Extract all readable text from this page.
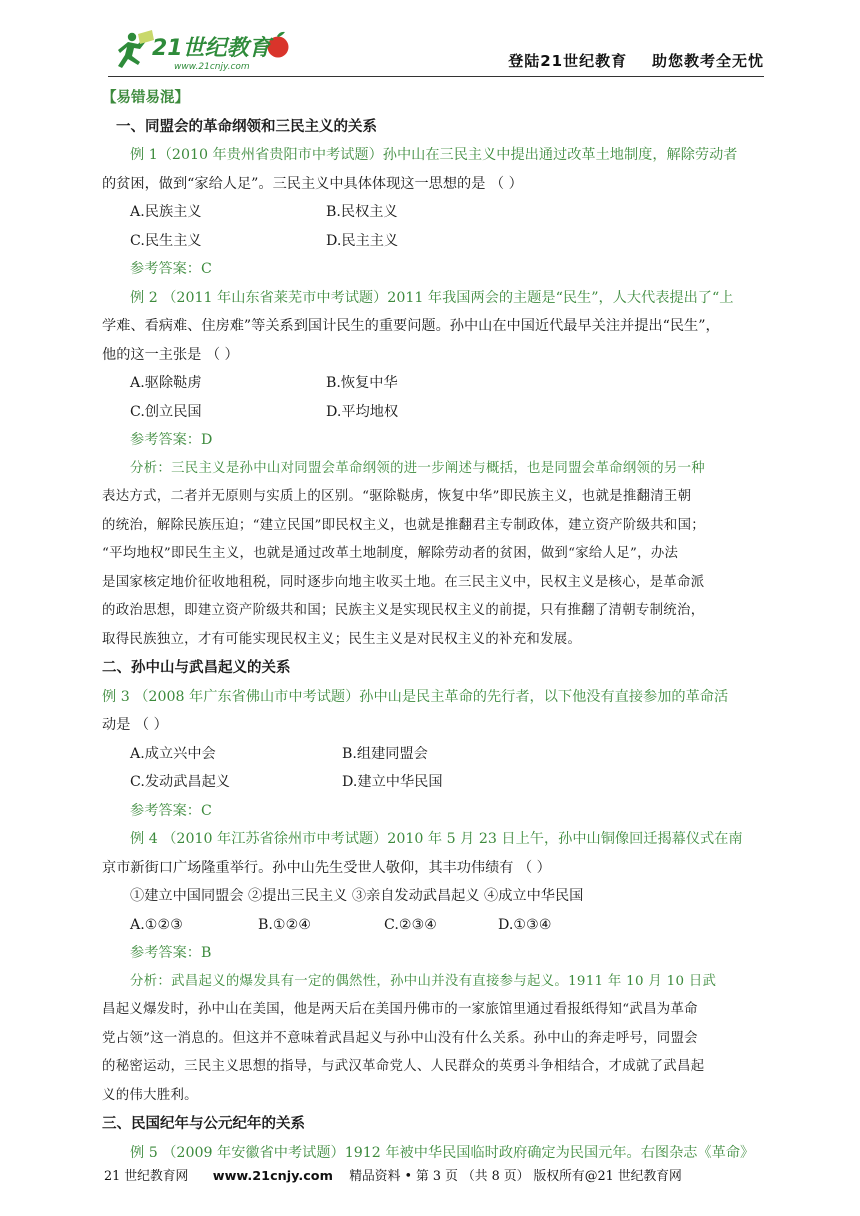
21世纪教育
www.21cnjy.com	登陆21世纪教育    助您教考全无忧

【易错易混】

一、同盟会的革命纲领和三民主义的关系

例 1（2010 年贵州省贵阳市中考试题）孙中山在三民主义中提出通过改革土地制度，解除劳动者

的贫困，做到“家给人足”。三民主义中具体体现这一思想的是 （ ）

A.民族主义	B.民权主义
C.民生主义	D.民主主义

参考答案：C

例 2 （2011 年山东省莱芜市中考试题）2011 年我国两会的主题是“民生”，人大代表提出了“上

学难、看病难、住房难”等关系到国计民生的重要问题。孙中山在中国近代最早关注并提出“民生”，

他的这一主张是 （ ）

A.驱除鞑虏	B.恢复中华
C.创立民国	D.平均地权

参考答案：D

分析：三民主义是孙中山对同盟会革命纲领的进一步阐述与概括，也是同盟会革命纲领的另一种

表达方式，二者并无原则与实质上的区别。“驱除鞑虏，恢复中华”即民族主义，也就是推翻清王朝

的统治，解除民族压迫；“建立民国”即民权主义，也就是推翻君主专制政体，建立资产阶级共和国；

“平均地权”即民生主义，也就是通过改革土地制度，解除劳动者的贫困，做到“家给人足”，办法

是国家核定地价征收地租税，同时逐步向地主收买土地。在三民主义中，民权主义是核心，是革命派

的政治思想，即建立资产阶级共和国；民族主义是实现民权主义的前提，只有推翻了清朝专制统治，

取得民族独立，才有可能实现民权主义；民生主义是对民权主义的补充和发展。

二、孙中山与武昌起义的关系

例 3 （2008 年广东省佛山市中考试题）孙中山是民主革命的先行者，以下他没有直接参加的革命活

动是 （ ）

A.成立兴中会	B.组建同盟会
C.发动武昌起义	D.建立中华民国

参考答案：C

例 4 （2010 年江苏省徐州市中考试题）2010 年 5 月 23 日上午，孙中山铜像回迁揭幕仪式在南

京市新街口广场隆重举行。孙中山先生受世人敬仰，其丰功伟绩有 （ ）

①建立中国同盟会 ②提出三民主义 ③亲自发动武昌起义 ④成立中华民国

A.①②③	B.①②④	C.②③④	D.①③④

参考答案：B

分析：武昌起义的爆发具有一定的偶然性，孙中山并没有直接参与起义。1911 年 10 月 10 日武

昌起义爆发时，孙中山在美国，他是两天后在美国丹佛市的一家旅馆里通过看报纸得知“武昌为革命

党占领”这一消息的。但这并不意味着武昌起义与孙中山没有什么关系。孙中山的奔走呼号，同盟会

的秘密运动，三民主义思想的指导，与武汉革命党人、人民群众的英勇斗争相结合，才成就了武昌起

义的伟大胜利。

三、民国纪年与公元纪年的关系

例 5 （2009 年安徽省中考试题）1912 年被中华民国临时政府确定为民国元年。右图杂志《革命》

21 世纪教育网 www.21cnjy.com 精品资料 • 第 3 页 （共 8 页） 版权所有@21 世纪教育网
